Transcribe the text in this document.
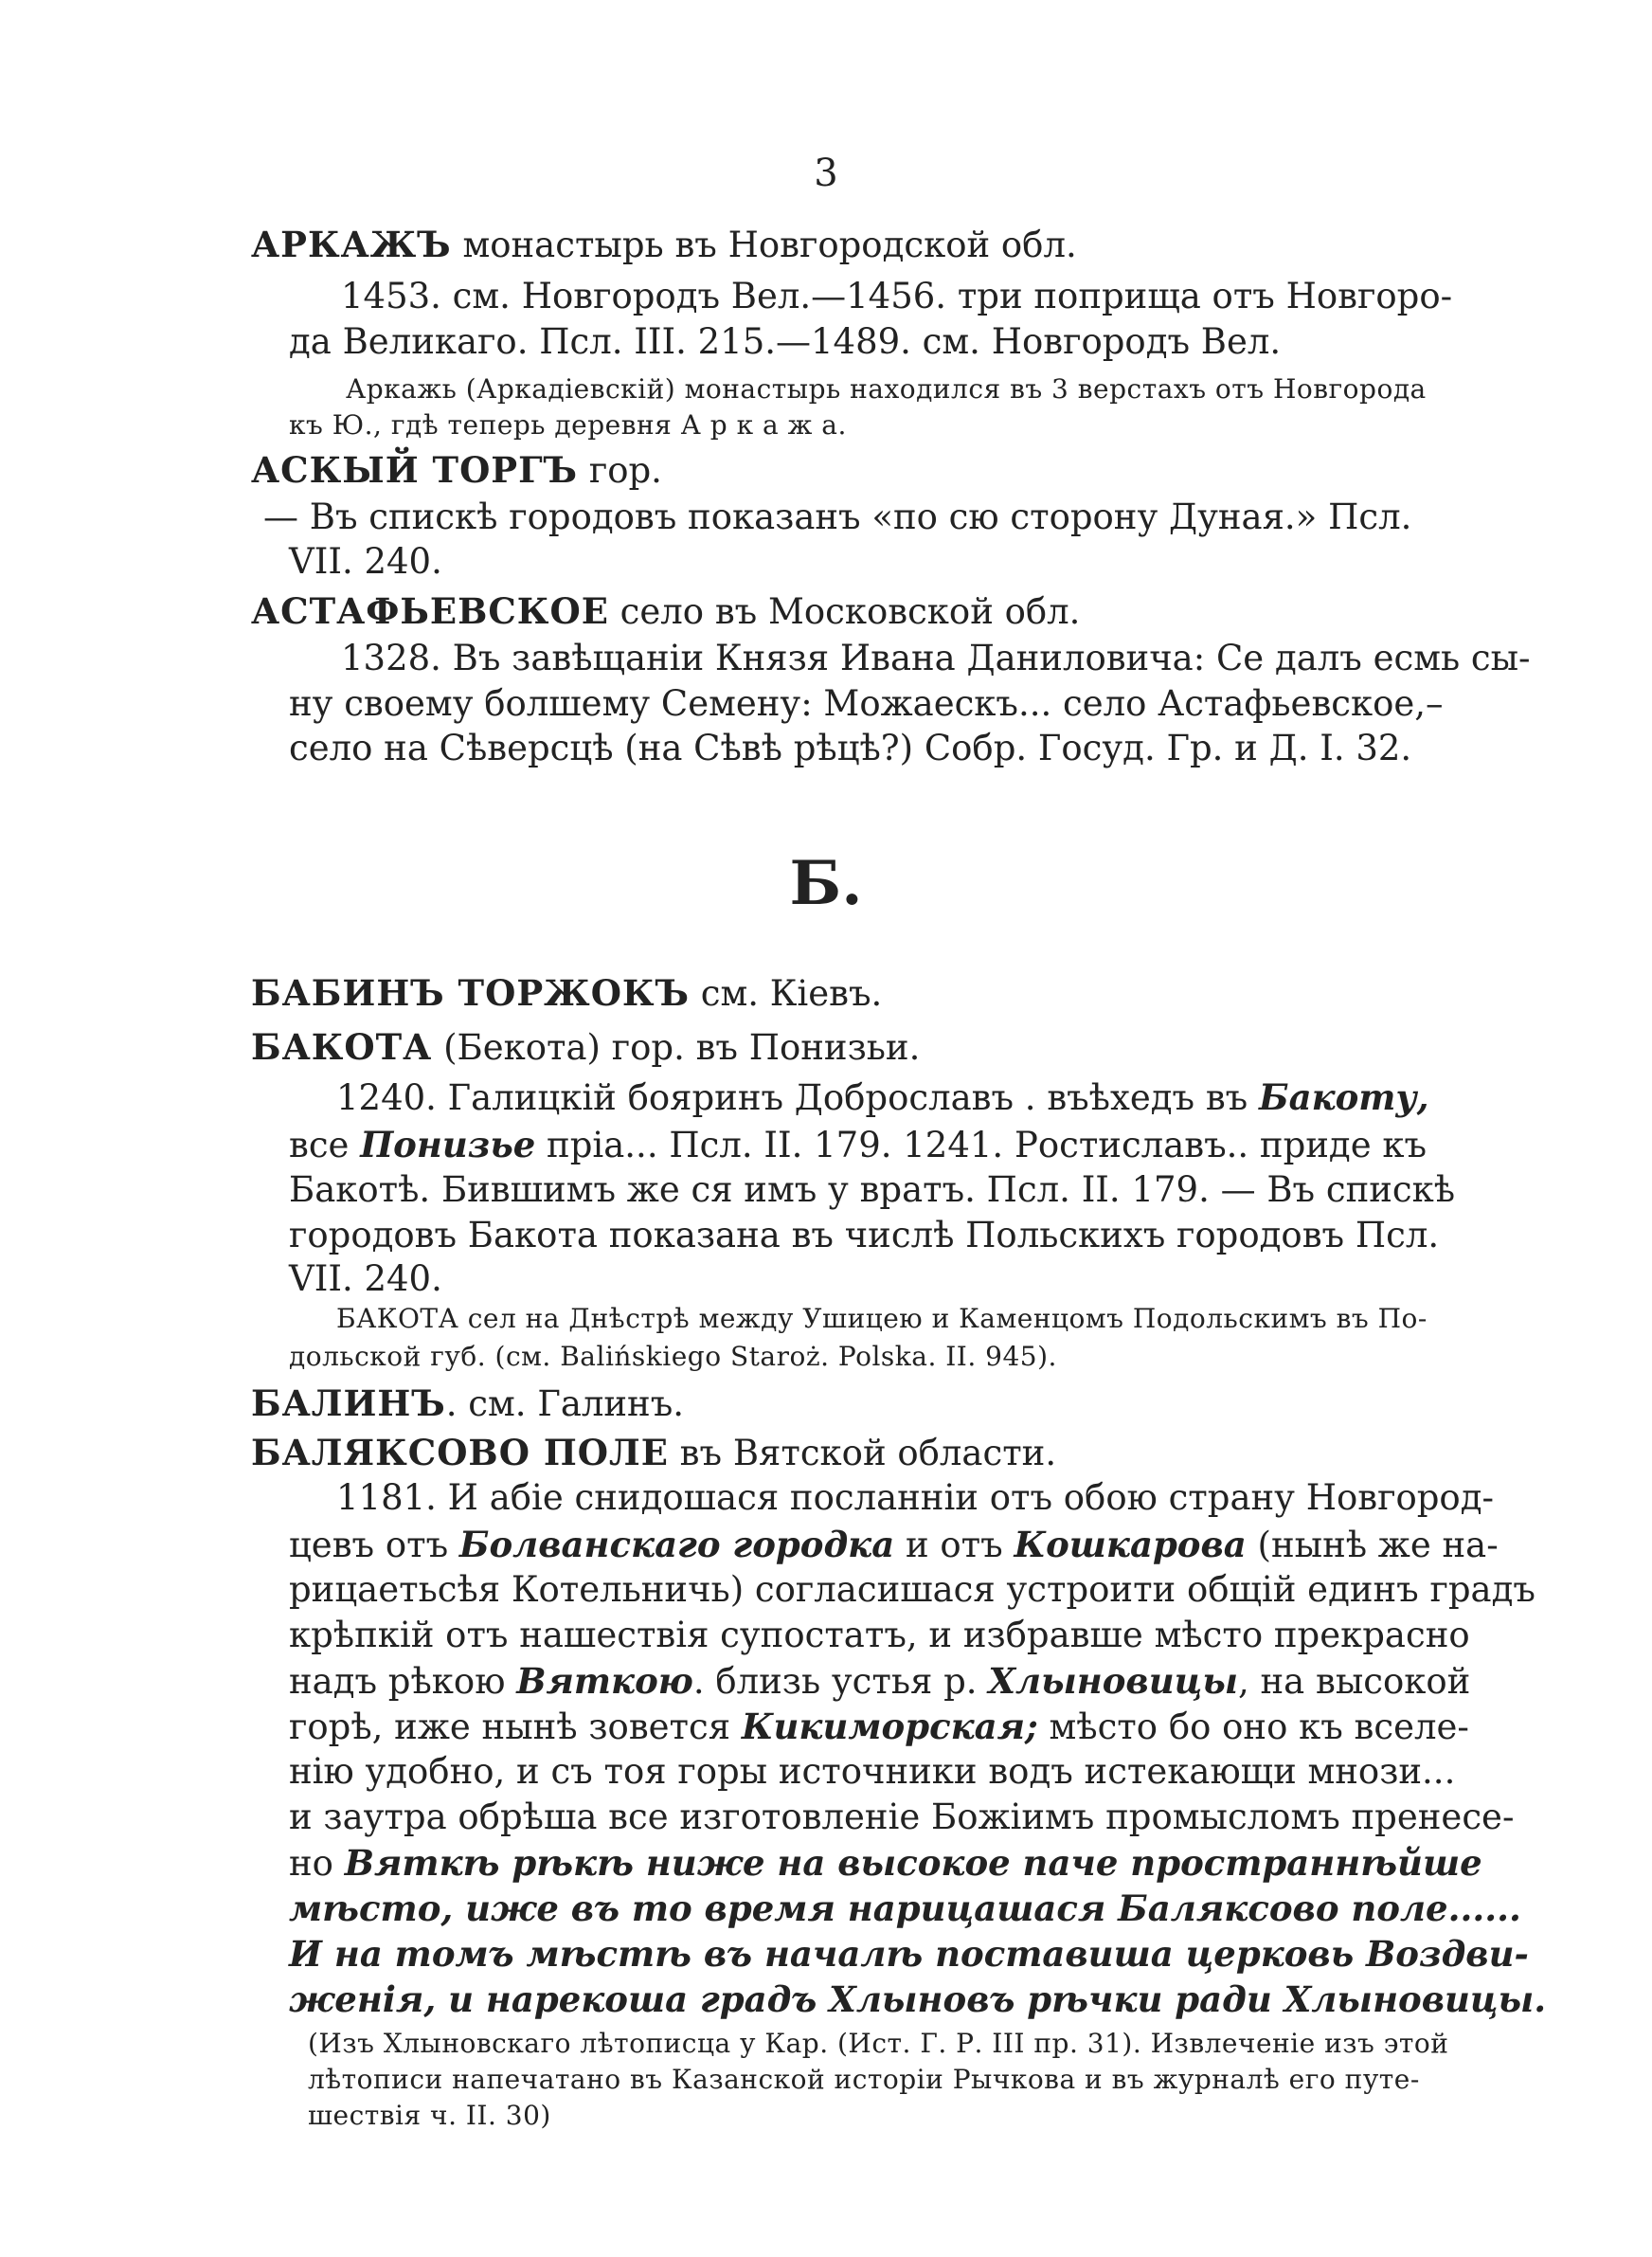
3
АРКАЖЪ монастырь въ Новгородской обл.
1453. см. Новгородъ Вел.—1456. три поприща отъ Новгоро-
да Великаго. Псл. III. 215.—1489. см. Новгородъ Вел.
Аркажь (Аркадіевскій) монастырь находился въ 3 верстахъ отъ Новгорода
къ Ю., гдѣ теперь деревня А р к а ж а.
АСКЫЙ ТОРГЪ гор.
— Въ спискѣ городовъ показанъ «по сю сторону Дуная.» Псл.
VII. 240.
АСТАФЬЕВСКОЕ село въ Московской обл.
1328. Въ завѣщаніи Князя Ивана Даниловича: Се далъ есмь сы-
ну своему болшему Семену: Можаескъ... село Астафьевское,–
село на Сѣверсцѣ (на Сѣвѣ рѣцѣ?) Собр. Госуд. Гр. и Д. I. 32.
Б.
БАБИНЪ ТОРЖОКЪ см. Кіевъ.
БАКОТА (Бекота) гор. въ Понизьи.
1240. Галицкій бояринъ Доброславъ . въѣхедъ въ Бакоту,
все Понизье пріа... Псл. II. 179. 1241. Ростиславъ.. приде къ
Бакотѣ. Бившимъ же ся имъ у вратъ. Псл. II. 179. — Въ спискѣ
городовъ Бакота показана въ числѣ Польскихъ городовъ Псл.
VII. 240.
БАКОТА сел на Днѣстрѣ между Ушицею и Каменцомъ Подольскимъ въ По-
дольской губ. (см. Balińskiego Staroż. Polska. II. 945).
БАЛИНЪ. см. Галинъ.
БАЛЯКСОВО ПОЛЕ въ Вятской области.
1181. И абіе снидошася посланніи отъ обою страну Новгород-
цевъ отъ Болванскаго городка и отъ Кошкарова (нынѣ же на-
рицаетьсѣя Котельничь) согласишася устроити общій единъ градъ
крѣпкій отъ нашествія супостатъ, и избравше мѣсто прекрасно
надъ рѣкою Вяткою. близь устья р. Хлыновицы, на высокой
горѣ, иже нынѣ зовется Кикиморская; мѣсто бо оно къ вселе-
нію удобно, и съ тоя горы источники водъ истекающи мнози...
и заутра обрѣша все изготовленіе Божіимъ промысломъ пренесе-
но Вяткѣ рѣкѣ ниже на высокое паче пространнѣйше
мѣсто, иже въ то время нарицашася Баляксово поле......
И на томъ мѣстѣ въ началѣ поставиша церковь Воздви-
женія, и нарекоша градъ Хлыновъ рѣчки ради Хлыновицы.
(Изъ Хлыновскаго лѣтописца у Кар. (Ист. Г. Р. III пр. 31). Извлеченіе изъ этой
лѣтописи напечатано въ Казанской исторіи Рычкова и въ журналѣ его путе-
шествія ч. II. 30)
